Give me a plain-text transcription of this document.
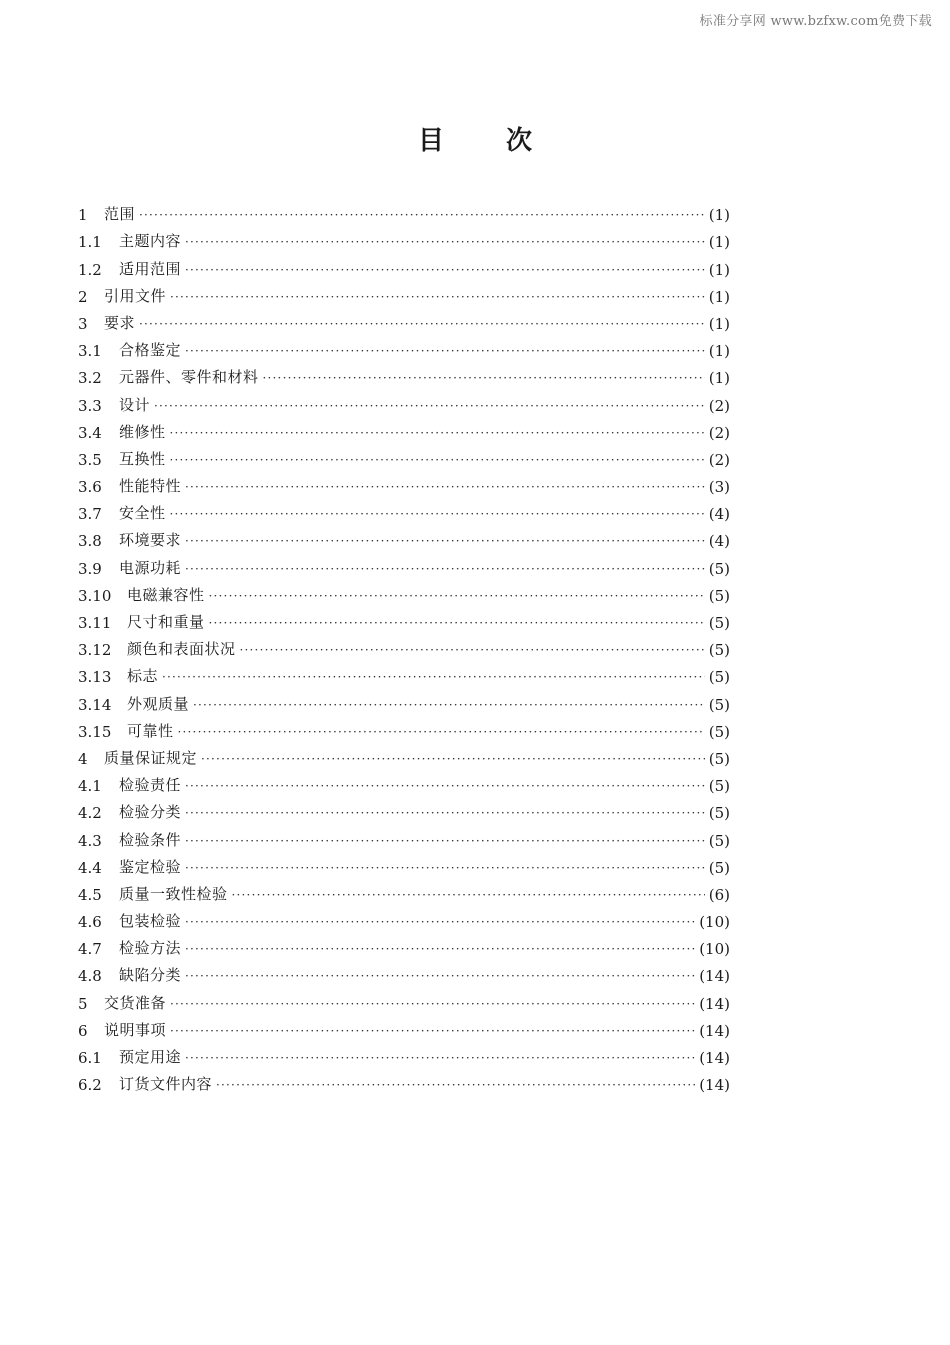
标准分享网 www.bzfxw.com免费下载
目 次
1	范围 ·····	(1)
1.1	主题内容 ·····	(1)
1.2	适用范围 ·····	(1)
2	引用文件 ·····	(1)
3	要求 ·····	(1)
3.1	合格鉴定 ·····	(1)
3.2	元器件、零件和材料 ·····	(1)
3.3	设计 ·····	(2)
3.4	维修性 ·····	(2)
3.5	互换性 ·····	(2)
3.6	性能特性 ·····	(3)
3.7	安全性 ·····	(4)
3.8	环境要求 ·····	(4)
3.9	电源功耗 ·····	(5)
3.10	电磁兼容性 ·····	(5)
3.11	尺寸和重量 ·····	(5)
3.12	颜色和表面状况 ·····	(5)
3.13	标志 ·····	(5)
3.14	外观质量 ·····	(5)
3.15	可靠性 ·····	(5)
4	质量保证规定 ·····	(5)
4.1	检验责任 ·····	(5)
4.2	检验分类 ·····	(5)
4.3	检验条件 ·····	(5)
4.4	鉴定检验 ·····	(5)
4.5	质量一致性检验 ·····	(6)
4.6	包装检验 ·····	(10)
4.7	检验方法 ·····	(10)
4.8	缺陷分类 ·····	(14)
5	交货准备 ·····	(14)
6	说明事项 ·····	(14)
6.1	预定用途 ·····	(14)
6.2	订货文件内容 ·····	(14)
